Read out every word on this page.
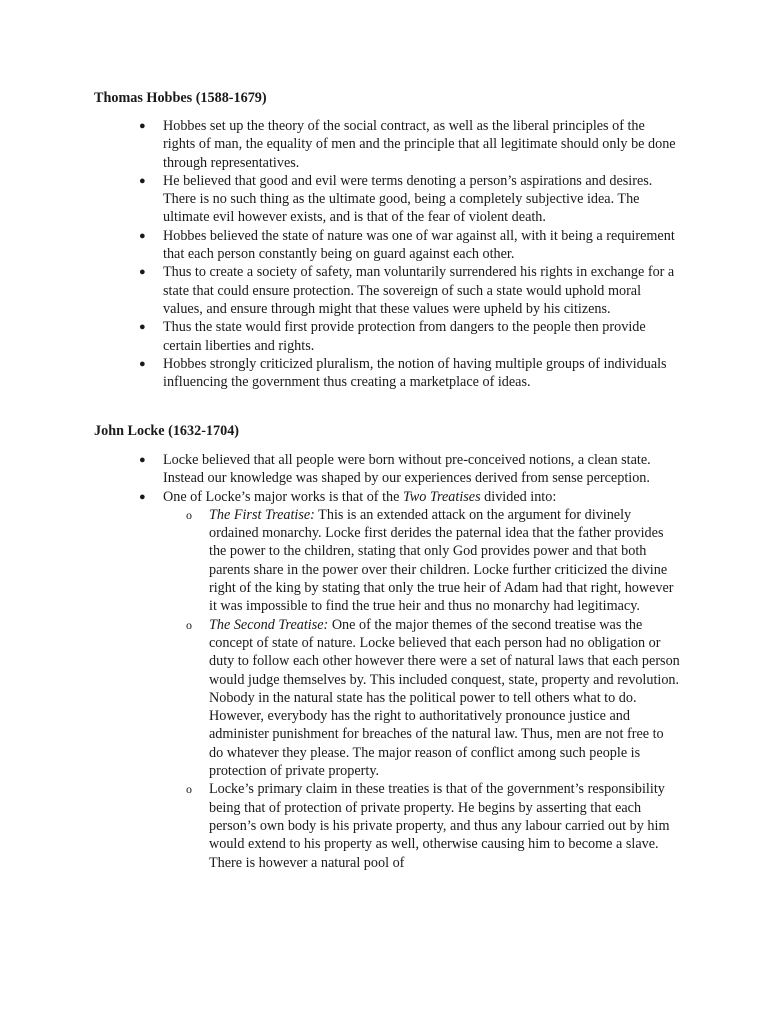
Thomas Hobbes (1588-1679)
● Hobbes set up the theory of the social contract, as well as the liberal principles of the rights of man, the equality of men and the principle that all legitimate should only be done through representatives.
● He believed that good and evil were terms denoting a person’s aspirations and desires. There is no such thing as the ultimate good, being a completely subjective idea. The ultimate evil however exists, and is that of the fear of violent death.
● Hobbes believed the state of nature was one of war against all, with it being a requirement that each person constantly being on guard against each other.
● Thus to create a society of safety, man voluntarily surrendered his rights in exchange for a state that could ensure protection. The sovereign of such a state would uphold moral values, and ensure through might that these values were upheld by his citizens.
● Thus the state would first provide protection from dangers to the people then provide certain liberties and rights.
● Hobbes strongly criticized pluralism, the notion of having multiple groups of individuals influencing the government thus creating a marketplace of ideas.
John Locke (1632-1704)
● Locke believed that all people were born without pre-conceived notions, a clean state. Instead our knowledge was shaped by our experiences derived from sense perception.
● One of Locke’s major works is that of the Two Treatises divided into:
o The First Treatise: This is an extended attack on the argument for divinely ordained monarchy. Locke first derides the paternal idea that the father provides the power to the children, stating that only God provides power and that both parents share in the power over their children. Locke further criticized the divine right of the king by stating that only the true heir of Adam had that right, however it was impossible to find the true heir and thus no monarchy had legitimacy.
o The Second Treatise: One of the major themes of the second treatise was the concept of state of nature. Locke believed that each person had no obligation or duty to follow each other however there were a set of natural laws that each person would judge themselves by. This included conquest, state, property and revolution. Nobody in the natural state has the political power to tell others what to do. However, everybody has the right to authoritatively pronounce justice and administer punishment for breaches of the natural law. Thus, men are not free to do whatever they please. The major reason of conflict among such people is protection of private property.
o Locke’s primary claim in these treaties is that of the government’s responsibility being that of protection of private property. He begins by asserting that each person’s own body is his private property, and thus any labour carried out by him would extend to his property as well, otherwise causing him to become a slave. There is however a natural pool of
